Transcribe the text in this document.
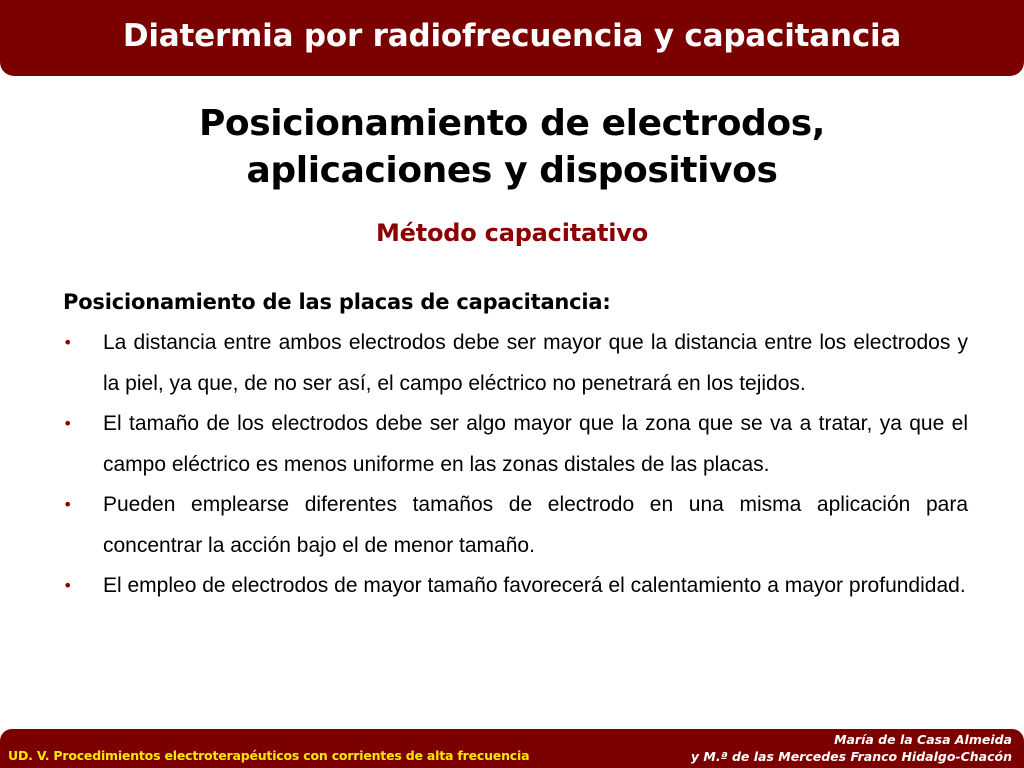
Diatermia por radiofrecuencia y capacitancia
Posicionamiento de electrodos,
aplicaciones y dispositivos
Método capacitativo
Posicionamiento de las placas de capacitancia:
• La distancia entre ambos electrodos debe ser mayor que la distancia entre los electrodos y la piel, ya que, de no ser así, el campo eléctrico no penetrará en los tejidos.
• El tamaño de los electrodos debe ser algo mayor que la zona que se va a tratar, ya que el campo eléctrico es menos uniforme en las zonas distales de las placas.
• Pueden emplearse diferentes tamaños de electrodo en una misma aplicación para concentrar la acción bajo el de menor tamaño.
• El empleo de electrodos de mayor tamaño favorecerá el calentamiento a mayor profundidad.
UD. V. Procedimientos electroterapéuticos con corrientes de alta frecuencia
María de la Casa Almeida
y M.ª de las Mercedes Franco Hidalgo-Chacón
